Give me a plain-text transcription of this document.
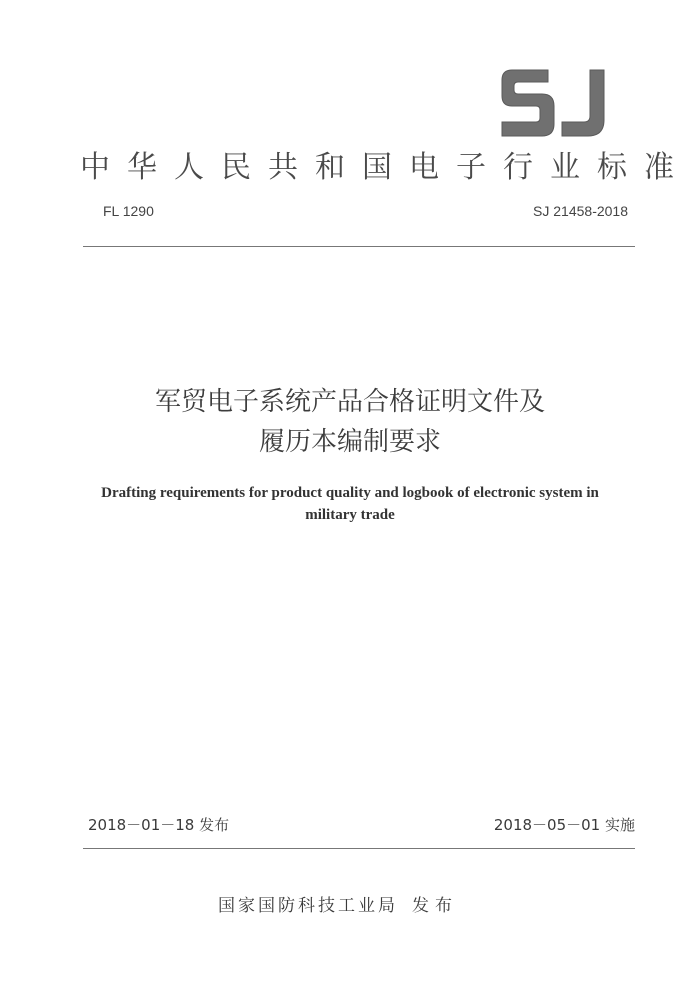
中华人民共和国电子行业标准
FL 1290	SJ 21458-2018
军贸电子系统产品合格证明文件及
履历本编制要求
Drafting requirements for product quality and logbook of electronic system in
military trade
2018－01－18 发布	2018－05－01 实施
国家国防科技工业局 发布
